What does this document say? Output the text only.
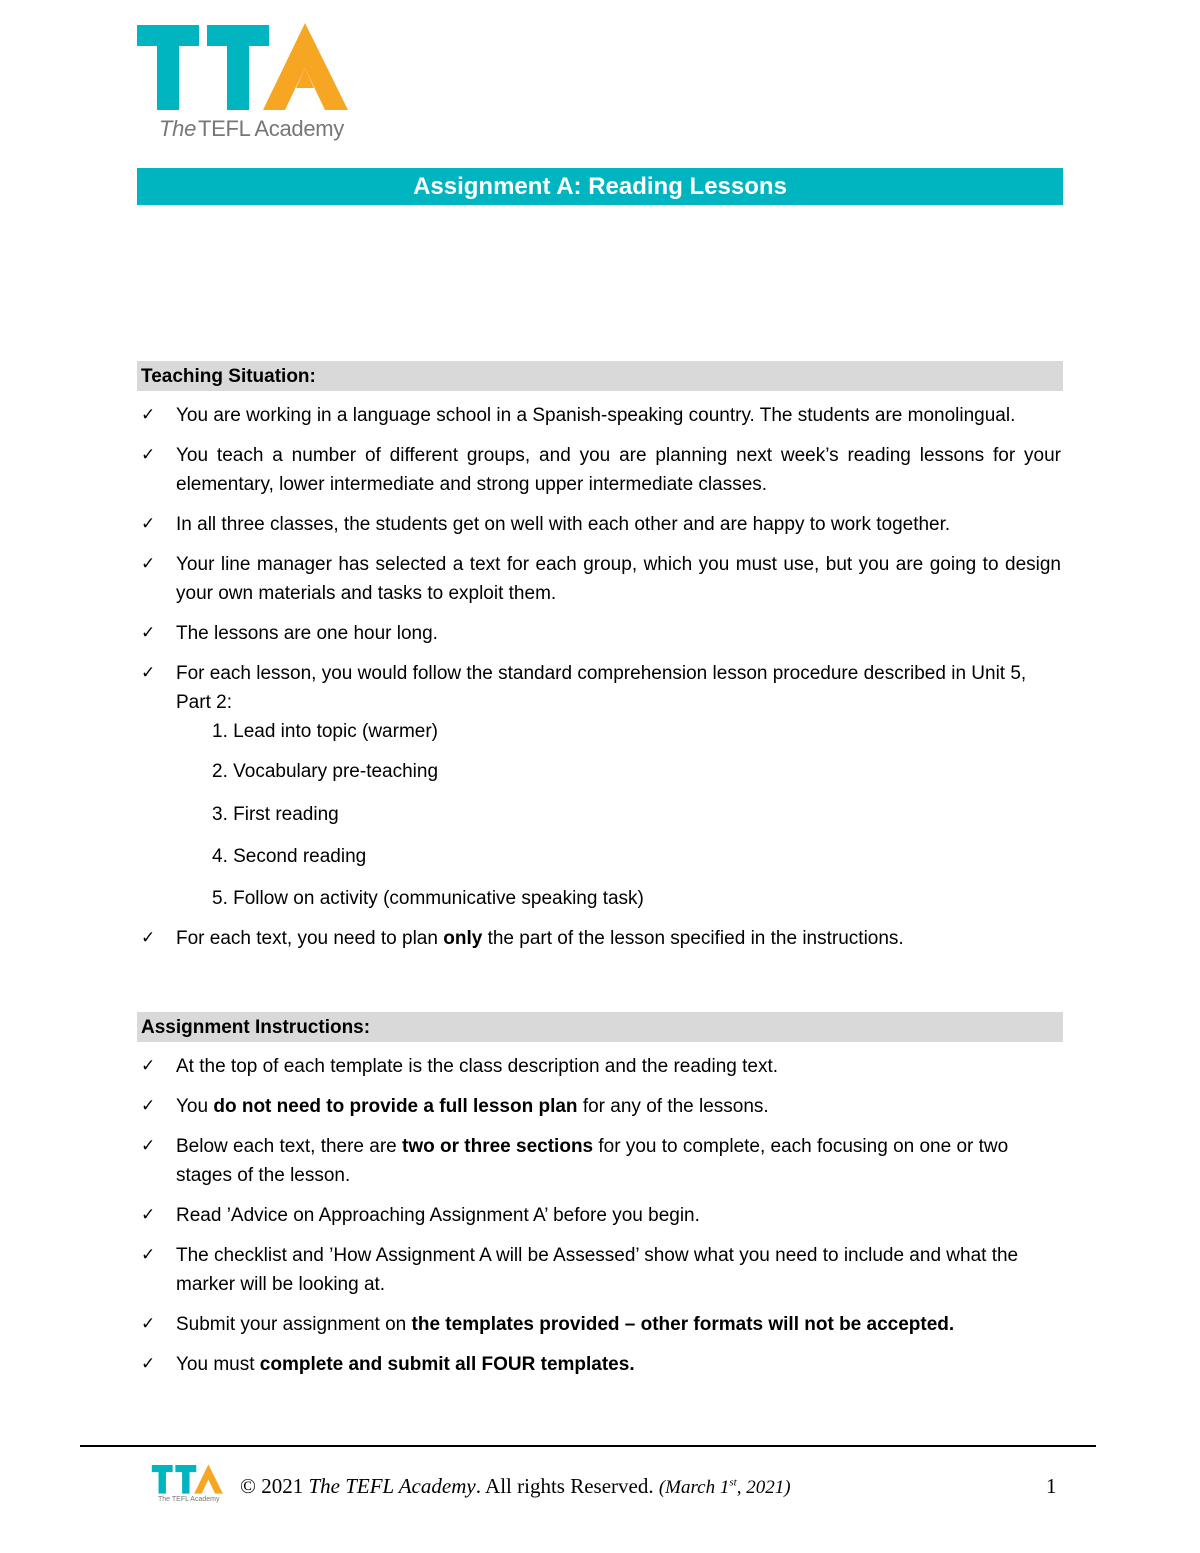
TheTEFL Academy
Assignment A: Reading Lessons
Teaching Situation:
✓ You are working in a language school in a Spanish-speaking country. The students are monolingual.
✓ You teach a number of different groups, and you are planning next week’s reading lessons for your elementary, lower intermediate and strong upper intermediate classes.
✓ In all three classes, the students get on well with each other and are happy to work together.
✓ Your line manager has selected a text for each group, which you must use, but you are going to design your own materials and tasks to exploit them.
✓ The lessons are one hour long.
✓ For each lesson, you would follow the standard comprehension lesson procedure described in Unit 5, Part 2:
1. Lead into topic (warmer)
2. Vocabulary pre-teaching
3. First reading
4. Second reading
5. Follow on activity (communicative speaking task)
✓ For each text, you need to plan only the part of the lesson specified in the instructions.
Assignment Instructions:
✓ At the top of each template is the class description and the reading text.
✓ You do not need to provide a full lesson plan for any of the lessons.
✓ Below each text, there are two or three sections for you to complete, each focusing on one or two stages of the lesson.
✓ Read ’Advice on Approaching Assignment A’ before you begin.
✓ The checklist and ’How Assignment A will be Assessed’ show what you need to include and what the marker will be looking at.
✓ Submit your assignment on the templates provided – other formats will not be accepted.
✓ You must complete and submit all FOUR templates.
The TEFL Academy
© 2021 The TEFL Academy. All rights Reserved. (March 1st, 2021)	1
